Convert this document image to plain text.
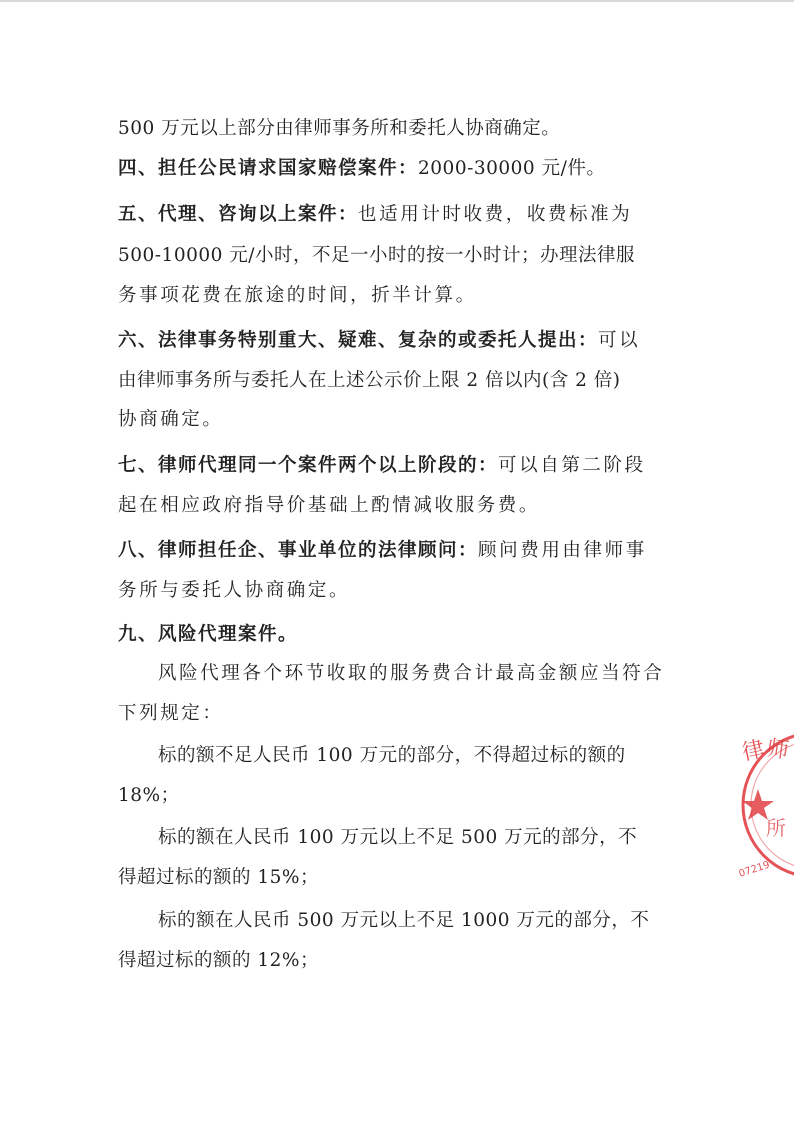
500 万元以上部分由律师事务所和委托人协商确定。
四、担任公民请求国家赔偿案件：2000-30000 元/件。
五、代理、咨询以上案件：也适用计时收费，收费标准为
500-10000 元/小时，不足一小时的按一小时计；办理法律服
务事项花费在旅途的时间，折半计算。
六、法律事务特别重大、疑难、复杂的或委托人提出：可以
由律师事务所与委托人在上述公示价上限 2 倍以内(含 2 倍)
协商确定。
七、律师代理同一个案件两个以上阶段的：可以自第二阶段
起在相应政府指导价基础上酌情减收服务费。
八、律师担任企、事业单位的法律顾问：顾问费用由律师事
务所与委托人协商确定。
九、风险代理案件。
风险代理各个环节收取的服务费合计最高金额应当符合
下列规定：
标的额不足人民币 100 万元的部分，不得超过标的额的
18%；
标的额在人民币 100 万元以上不足 500 万元的部分，不
得超过标的额的 15%；
标的额在人民币 500 万元以上不足 1000 万元的部分，不
得超过标的额的 12%；
律
师
所
07219
